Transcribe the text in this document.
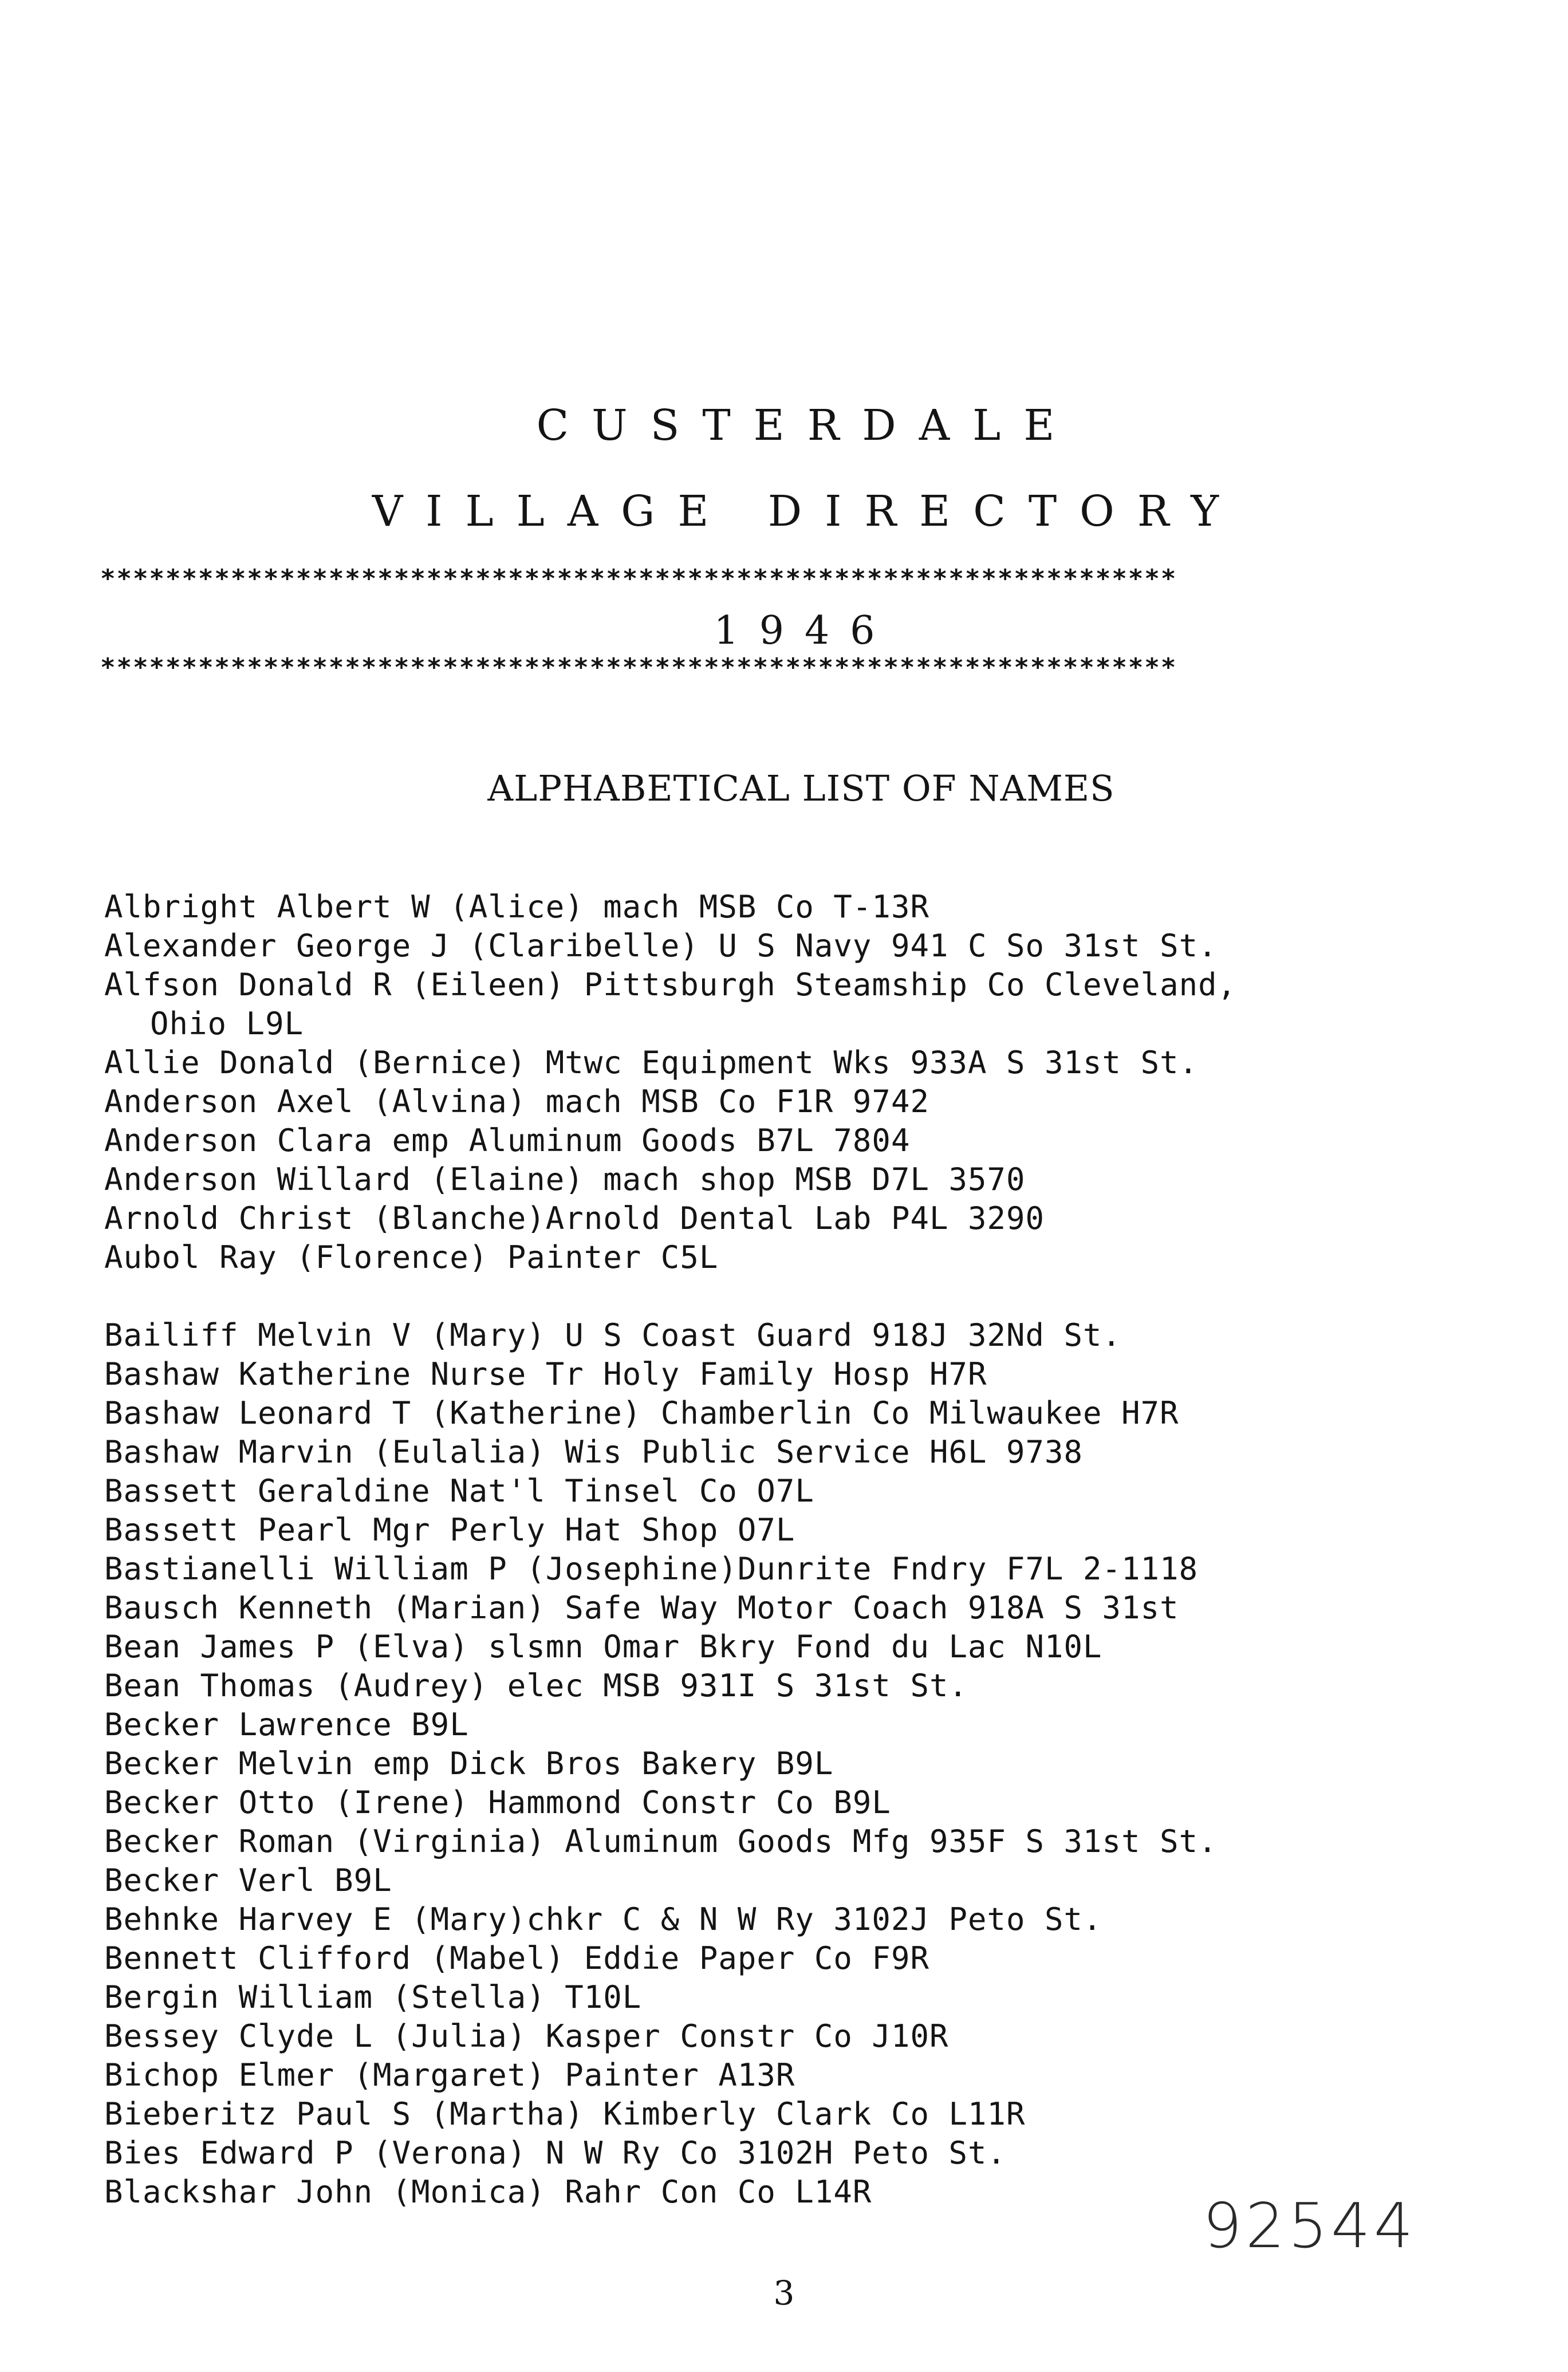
CUSTERDALE
VILLAGE DIRECTORY
******************************************************************
1946
******************************************************************
ALPHABETICAL LIST OF NAMES
Albright Albert W (Alice) mach MSB Co T-13R
Alexander George J (Claribelle) U S Navy 941 C So 31st St.
Alfson Donald R (Eileen) Pittsburgh Steamship Co Cleveland,
Ohio L9L
Allie Donald (Bernice) Mtwc Equipment Wks 933A S 31st St.
Anderson Axel (Alvina) mach MSB Co F1R 9742
Anderson Clara emp Aluminum Goods B7L 7804
Anderson Willard (Elaine) mach shop MSB D7L 3570
Arnold Christ (Blanche)Arnold Dental Lab P4L 3290
Aubol Ray (Florence) Painter C5L
Bailiff Melvin V (Mary) U S Coast Guard 918J 32Nd St.
Bashaw Katherine Nurse Tr Holy Family Hosp H7R
Bashaw Leonard T (Katherine) Chamberlin Co Milwaukee H7R
Bashaw Marvin (Eulalia) Wis Public Service H6L 9738
Bassett Geraldine Nat'l Tinsel Co O7L
Bassett Pearl Mgr Perly Hat Shop O7L
Bastianelli William P (Josephine)Dunrite Fndry F7L 2-1118
Bausch Kenneth (Marian) Safe Way Motor Coach 918A S 31st
Bean James P (Elva) slsmn Omar Bkry Fond du Lac N10L
Bean Thomas (Audrey) elec MSB 931I S 31st St.
Becker Lawrence B9L
Becker Melvin emp Dick Bros Bakery B9L
Becker Otto (Irene) Hammond Constr Co B9L
Becker Roman (Virginia) Aluminum Goods Mfg 935F S 31st St.
Becker Verl B9L
Behnke Harvey E (Mary)chkr C & N W Ry 3102J Peto St.
Bennett Clifford (Mabel) Eddie Paper Co F9R
Bergin William (Stella) T10L
Bessey Clyde L (Julia) Kasper Constr Co J10R
Bichop Elmer (Margaret) Painter A13R
Bieberitz Paul S (Martha) Kimberly Clark Co L11R
Bies Edward P (Verona) N W Ry Co 3102H Peto St.
Blackshar John (Monica) Rahr Con Co L14R	92544
3
